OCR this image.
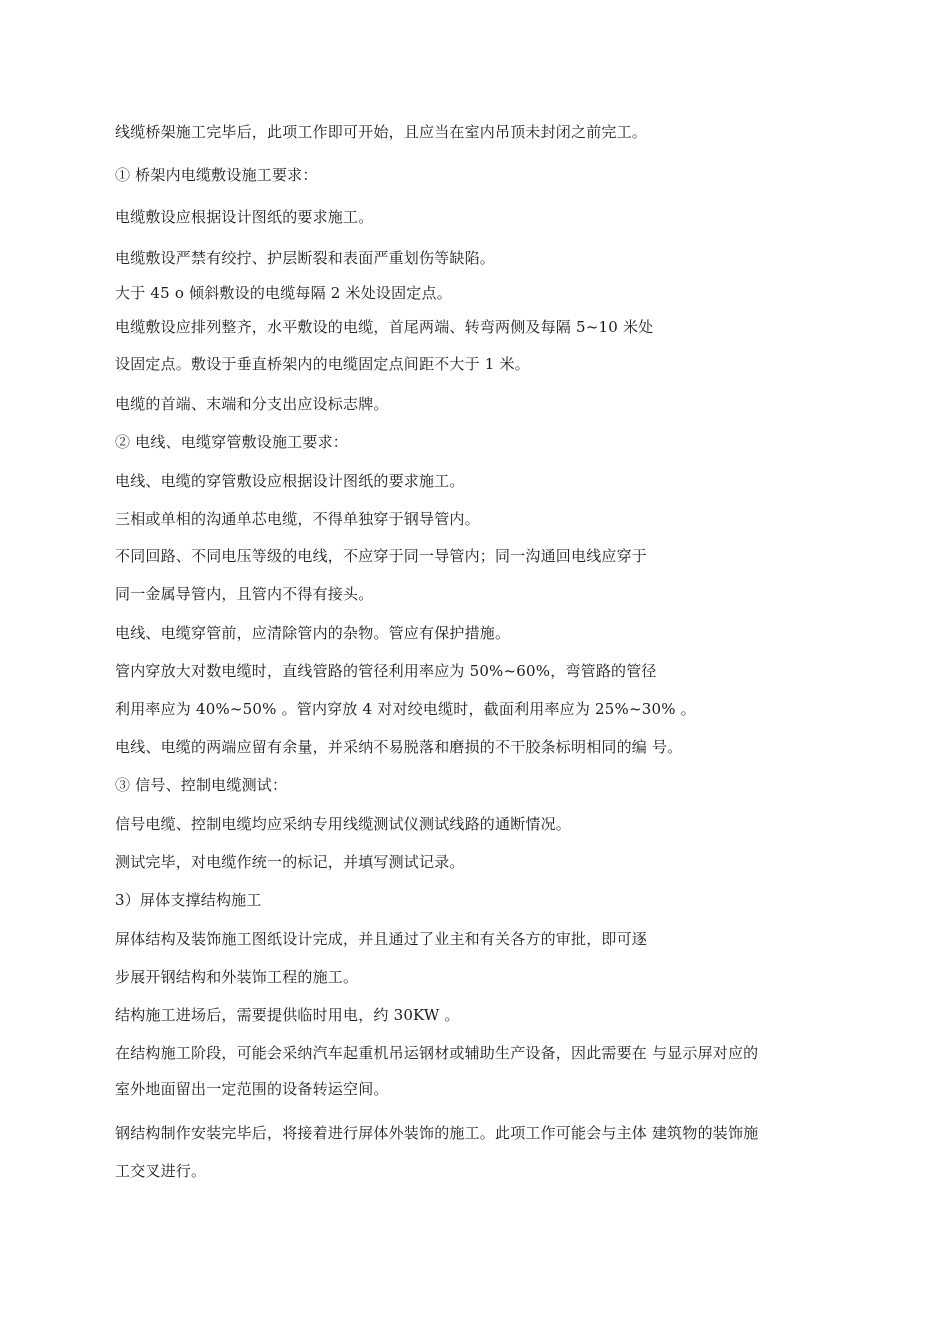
线缆桥架施工完毕后，此项工作即可开始，且应当在室内吊顶未封闭之前完工。
① 桥架内电缆敷设施工要求：
电缆敷设应根据设计图纸的要求施工。
电缆敷设严禁有绞拧、护层断裂和表面严重划伤等缺陷。
大于 45 o 倾斜敷设的电缆每隔 2 米处设固定点。
电缆敷设应排列整齐，水平敷设的电缆，首尾两端、转弯两侧及每隔 5~10 米处
设固定点。敷设于垂直桥架内的电缆固定点间距不大于 1 米。
电缆的首端、末端和分支出应设标志牌。
② 电线、电缆穿管敷设施工要求：
电线、电缆的穿管敷设应根据设计图纸的要求施工。
三相或单相的沟通单芯电缆，不得单独穿于钢导管内。
不同回路、不同电压等级的电线，不应穿于同一导管内；同一沟通回电线应穿于
同一金属导管内，且管内不得有接头。
电线、电缆穿管前，应清除管内的杂物。管应有保护措施。
管内穿放大对数电缆时，直线管路的管径利用率应为 50%~60%，弯管路的管径
利用率应为 40%~50% 。管内穿放 4 对对绞电缆时，截面利用率应为 25%~30% 。
电线、电缆的两端应留有余量，并采纳不易脱落和磨损的不干胶条标明相同的编 号。
③ 信号、控制电缆测试：
信号电缆、控制电缆均应采纳专用线缆测试仪测试线路的通断情况。
测试完毕，对电缆作统一的标记，并填写测试记录。
3）屏体支撑结构施工
屏体结构及装饰施工图纸设计完成，并且通过了业主和有关各方的审批，即可逐
步展开钢结构和外装饰工程的施工。
结构施工进场后，需要提供临时用电，约 30KW 。
在结构施工阶段，可能会采纳汽车起重机吊运钢材或辅助生产设备，因此需要在 与显示屏对应的
室外地面留出一定范围的设备转运空间。
钢结构制作安装完毕后，将接着进行屏体外装饰的施工。此项工作可能会与主体 建筑物的装饰施
工交叉进行。
